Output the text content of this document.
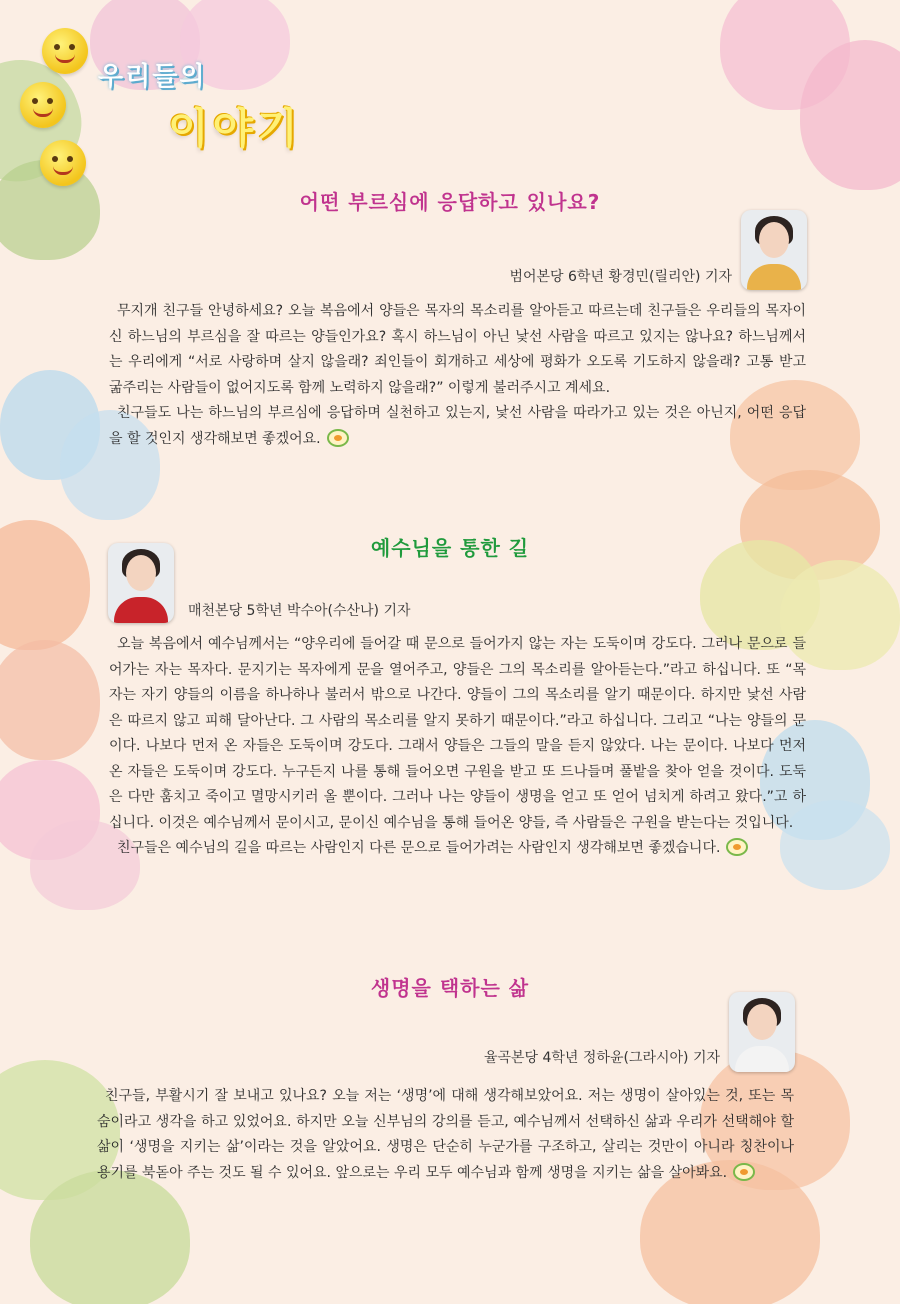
우리들의
이야기
어떤 부르심에 응답하고 있나요?
범어본당 6학년 황경민(릴리안) 기자

무지개 친구들 안녕하세요? 오늘 복음에서 양들은 목자의 목소리를 알아듣고 따르는데 친구들은 우리들의 목자이신 하느님의 부르심을 잘 따르는 양들인가요? 혹시 하느님이 아닌 낯선 사람을 따르고 있지는 않나요? 하느님께서는 우리에게 “서로 사랑하며 살지 않을래? 죄인들이 회개하고 세상에 평화가 오도록 기도하지 않을래? 고통 받고 굶주리는 사람들이 없어지도록 함께 노력하지 않을래?” 이렇게 불러주시고 계세요.

친구들도 나는 하느님의 부르심에 응답하며 실천하고 있는지, 낯선 사람을 따라가고 있는 것은 아닌지, 어떤 응답을 할 것인지 생각해보면 좋겠어요.

예수님을 통한 길
매천본당 5학년 박수아(수산나) 기자

오늘 복음에서 예수님께서는 “양우리에 들어갈 때 문으로 들어가지 않는 자는 도둑이며 강도다. 그러나 문으로 들어가는 자는 목자다. 문지기는 목자에게 문을 열어주고, 양들은 그의 목소리를 알아듣는다.”라고 하십니다. 또 “목자는 자기 양들의 이름을 하나하나 불러서 밖으로 나간다. 양들이 그의 목소리를 알기 때문이다. 하지만 낯선 사람은 따르지 않고 피해 달아난다. 그 사람의 목소리를 알지 못하기 때문이다.”라고 하십니다. 그리고 “나는 양들의 문이다. 나보다 먼저 온 자들은 도둑이며 강도다. 그래서 양들은 그들의 말을 듣지 않았다. 나는 문이다. 나보다 먼저 온 자들은 도둑이며 강도다. 누구든지 나를 통해 들어오면 구원을 받고 또 드나들며 풀밭을 찾아 얻을 것이다. 도둑은 다만 훔치고 죽이고 멸망시키러 올 뿐이다. 그러나 나는 양들이 생명을 얻고 또 얻어 넘치게 하려고 왔다.”고 하십니다. 이것은 예수님께서 문이시고, 문이신 예수님을 통해 들어온 양들, 즉 사람들은 구원을 받는다는 것입니다.

친구들은 예수님의 길을 따르는 사람인지 다른 문으로 들어가려는 사람인지 생각해보면 좋겠습니다.

생명을 택하는 삶
율곡본당 4학년 정하윤(그라시아) 기자

친구들, 부활시기 잘 보내고 있나요? 오늘 저는 ‘생명’에 대해 생각해보았어요. 저는 생명이 살아있는 것, 또는 목숨이라고 생각을 하고 있었어요. 하지만 오늘 신부님의 강의를 듣고, 예수님께서 선택하신 삶과 우리가 선택해야 할 삶이 ‘생명을 지키는 삶’이라는 것을 알았어요. 생명은 단순히 누군가를 구조하고, 살리는 것만이 아니라 칭찬이나 용기를 북돋아 주는 것도 될 수 있어요. 앞으로는 우리 모두 예수님과 함께 생명을 지키는 삶을 살아봐요.
